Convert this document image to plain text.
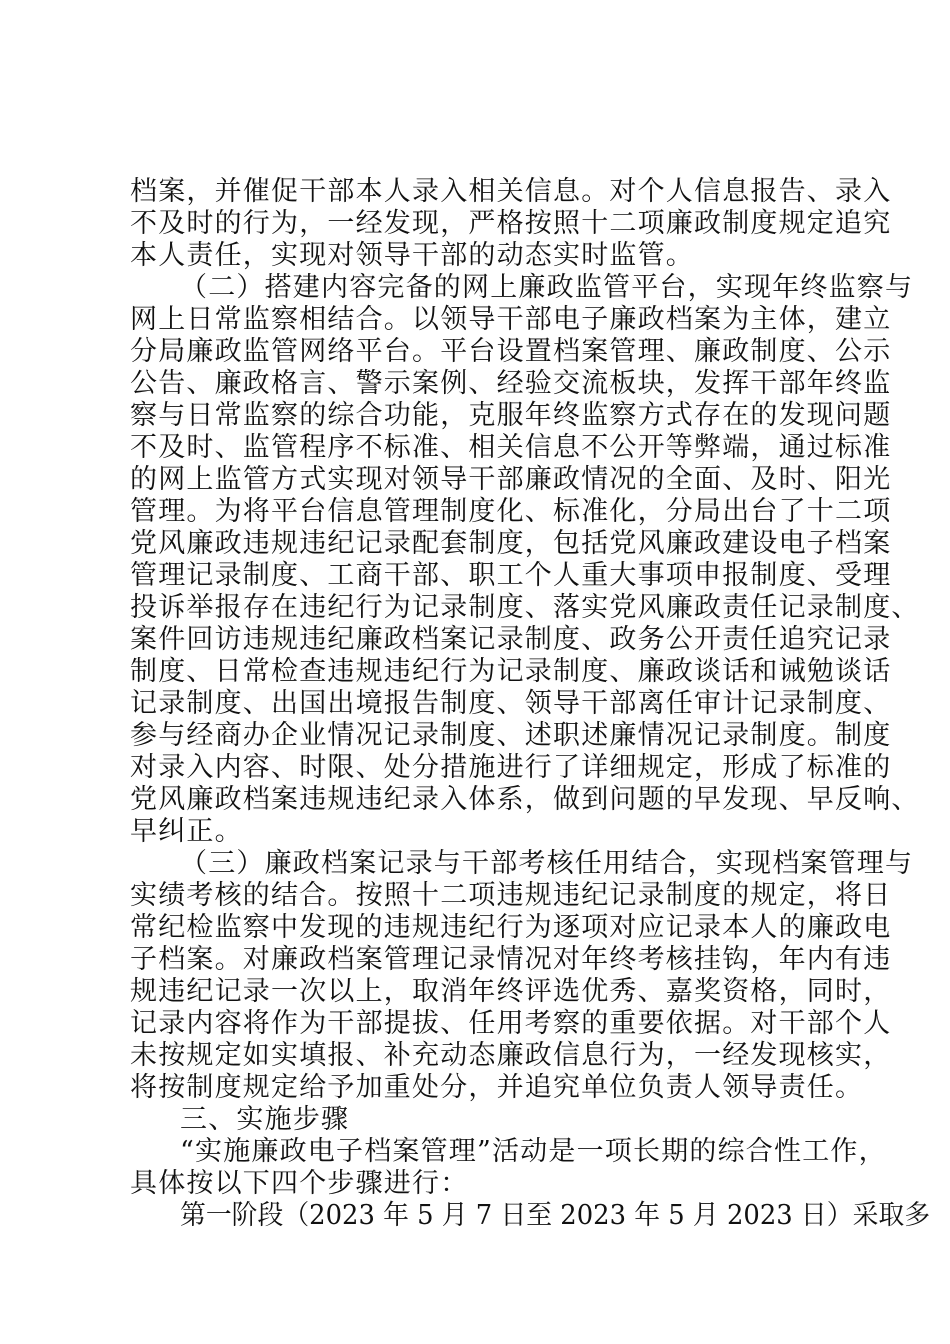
档案，并催促干部本人录入相关信息。对个人信息报告、录入
不及时的行为，一经发现，严格按照十二项廉政制度规定追究
本人责任，实现对领导干部的动态实时监管。
（二）搭建内容完备的网上廉政监管平台，实现年终监察与
网上日常监察相结合。以领导干部电子廉政档案为主体，建立
分局廉政监管网络平台。平台设置档案管理、廉政制度、公示
公告、廉政格言、警示案例、经验交流板块，发挥干部年终监
察与日常监察的综合功能，克服年终监察方式存在的发现问题
不及时、监管程序不标准、相关信息不公开等弊端，通过标准
的网上监管方式实现对领导干部廉政情况的全面、及时、阳光
管理。为将平台信息管理制度化、标准化，分局出台了十二项
党风廉政违规违纪记录配套制度，包括党风廉政建设电子档案
管理记录制度、工商干部、职工个人重大事项申报制度、受理
投诉举报存在违纪行为记录制度、落实党风廉政责任记录制度、
案件回访违规违纪廉政档案记录制度、政务公开责任追究记录
制度、日常检查违规违纪行为记录制度、廉政谈话和诫勉谈话
记录制度、出国出境报告制度、领导干部离任审计记录制度、
参与经商办企业情况记录制度、述职述廉情况记录制度。制度
对录入内容、时限、处分措施进行了详细规定，形成了标准的
党风廉政档案违规违纪录入体系，做到问题的早发现、早反响、
早纠正。
（三）廉政档案记录与干部考核任用结合，实现档案管理与
实绩考核的结合。按照十二项违规违纪记录制度的规定，将日
常纪检监察中发现的违规违纪行为逐项对应记录本人的廉政电
子档案。对廉政档案管理记录情况对年终考核挂钩，年内有违
规违纪记录一次以上，取消年终评选优秀、嘉奖资格，同时，
记录内容将作为干部提拔、任用考察的重要依据。对干部个人
未按规定如实填报、补充动态廉政信息行为，一经发现核实，
将按制度规定给予加重处分，并追究单位负责人领导责任。
三、实施步骤
“实施廉政电子档案管理”活动是一项长期的综合性工作，
具体按以下四个步骤进行：
第一阶段（2023 年 5 月 7 日至 2023 年 5 月 2023 日）采取多
